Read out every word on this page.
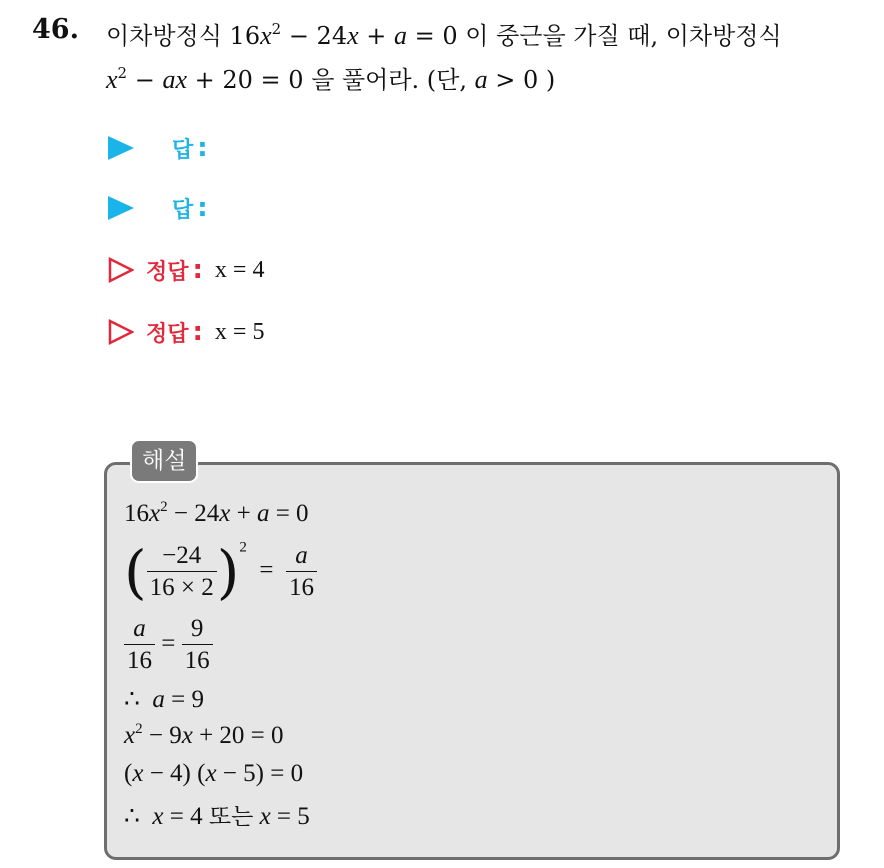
46. 이차방정식 $16x^2 - 24x + a = 0$ 이 중근을 가질 때, 이차방정식
$x^2$ − ax + 20 = 0 을 풀어라. (단, a > 0 )
답 :
답 :
정답 : x = 4
정답 : x = 5
해설
$16x^2 - 24x + a = 0$
( $\frac{-24}{16 \times 2} )^2 = \frac{a}{16}$
$\frac{a}{16} = \frac{9}{16}$
∴  a = 9
$x^2 - 9x + 20 = 0$
(x − 4) (x − 5) = 0
∴  x = 4 또는 x = 5
